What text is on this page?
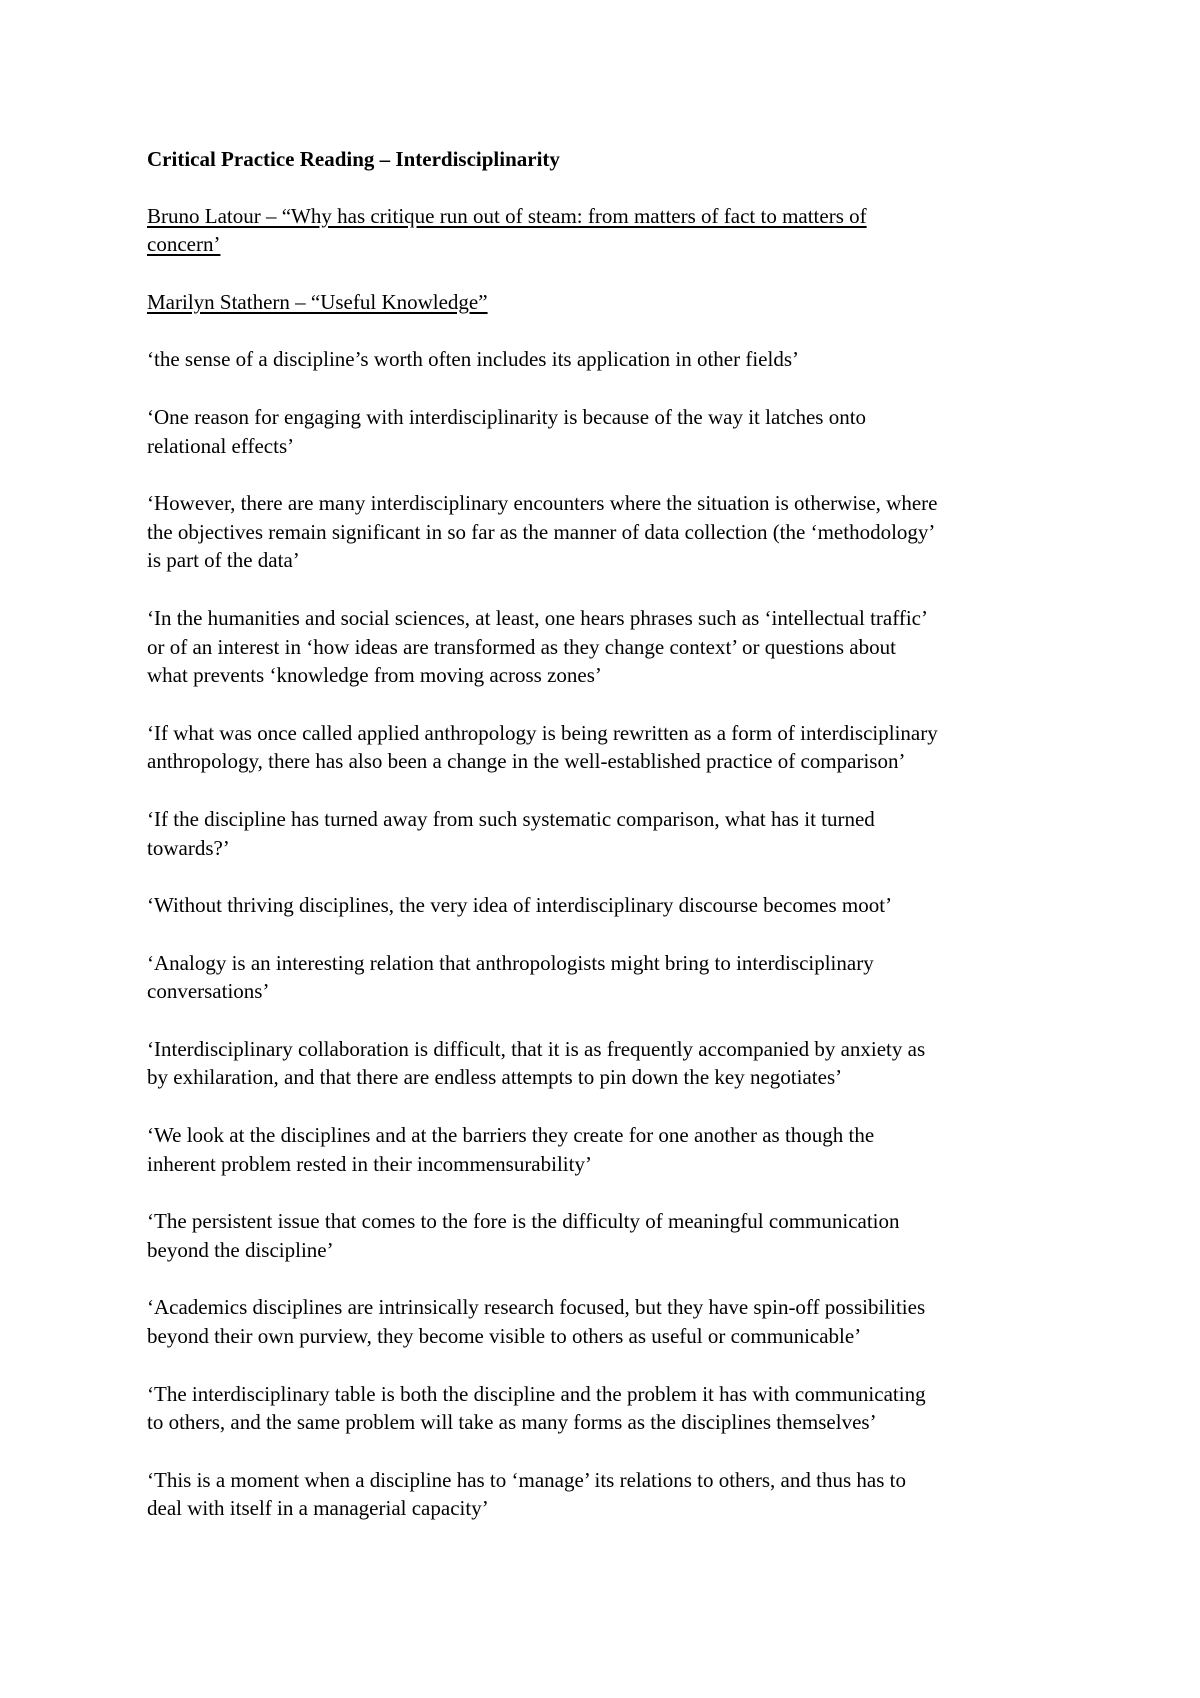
Critical Practice Reading – Interdisciplinarity

Bruno Latour – “Why has critique run out of steam: from matters of fact to matters of
concern’

Marilyn Stathern – “Useful Knowledge”

‘the sense of a discipline’s worth often includes its application in other fields’
‘One reason for engaging with interdisciplinarity is because of the way it latches onto
relational effects’
‘However, there are many interdisciplinary encounters where the situation is otherwise, where
the objectives remain significant in so far as the manner of data collection (the ‘methodology’
is part of the data’
‘In the humanities and social sciences, at least, one hears phrases such as ‘intellectual traffic’
or of an interest in ‘how ideas are transformed as they change context’ or questions about
what prevents ‘knowledge from moving across zones’
‘If what was once called applied anthropology is being rewritten as a form of interdisciplinary
anthropology, there has also been a change in the well-established practice of comparison’
‘If the discipline has turned away from such systematic comparison, what has it turned
towards?’
‘Without thriving disciplines, the very idea of interdisciplinary discourse becomes moot’
‘Analogy is an interesting relation that anthropologists might bring to interdisciplinary
conversations’
‘Interdisciplinary collaboration is difficult, that it is as frequently accompanied by anxiety as
by exhilaration, and that there are endless attempts to pin down the key negotiates’
‘We look at the disciplines and at the barriers they create for one another as though the
inherent problem rested in their incommensurability’
‘The persistent issue that comes to the fore is the difficulty of meaningful communication
beyond the discipline’
‘Academics disciplines are intrinsically research focused, but they have spin-off possibilities
beyond their own purview, they become visible to others as useful or communicable’
‘The interdisciplinary table is both the discipline and the problem it has with communicating
to others, and the same problem will take as many forms as the disciplines themselves’
‘This is a moment when a discipline has to ‘manage’ its relations to others, and thus has to
deal with itself in a managerial capacity’
